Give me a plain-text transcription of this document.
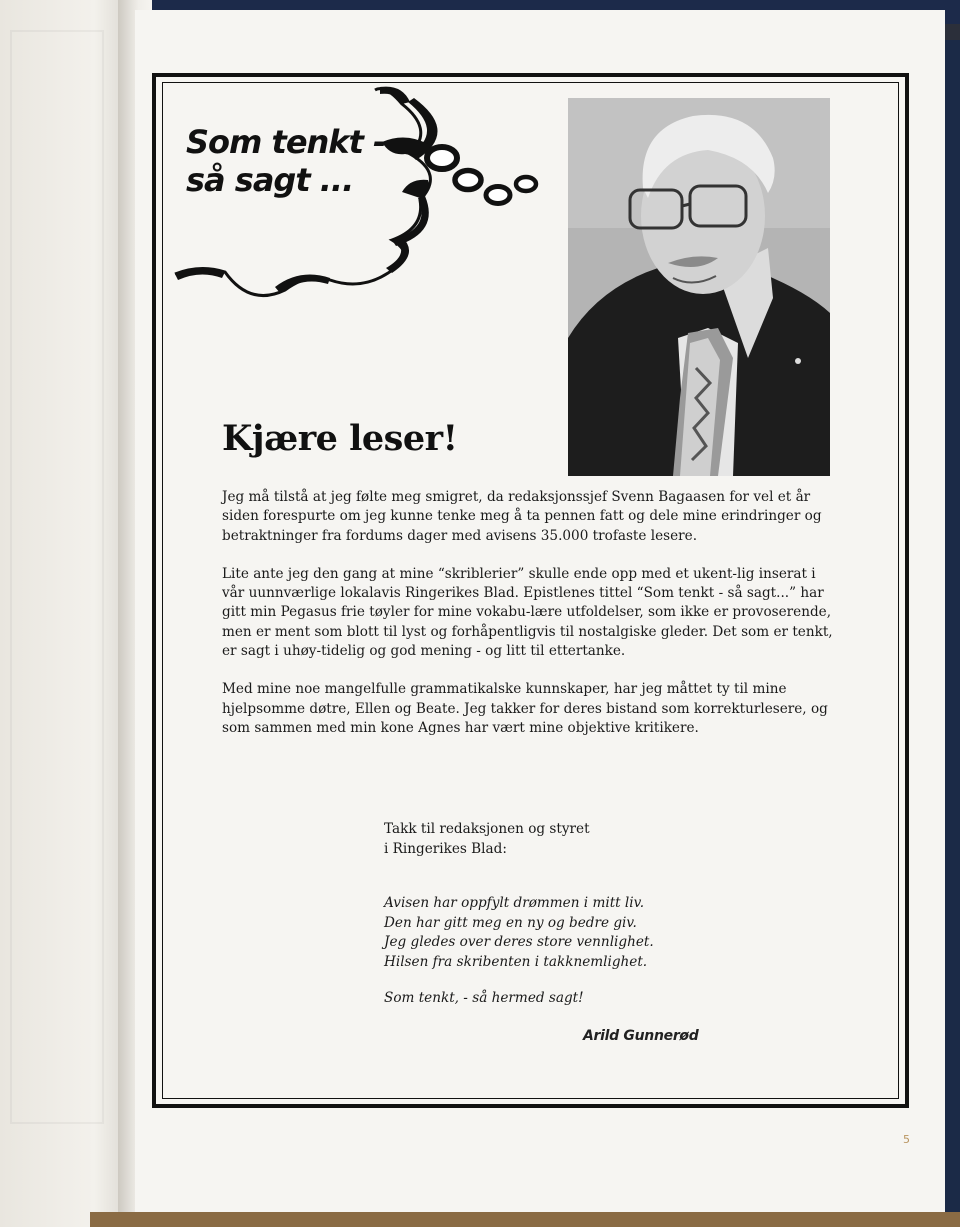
Som tenkt -
så sagt ...
Kjære leser!

Jeg må tilstå at jeg følte meg smigret, da redaksjonssjef Svenn Bagaasen for vel et år siden forespurte om jeg kunne tenke meg å ta pennen fatt og dele mine erindringer og betraktninger fra fordums dager med avisens 35.000 trofaste lesere.

Lite ante jeg den gang at mine “skriblerier” skulle ende opp med et ukent-lig inserat i vår uunnværlige lokalavis Ringerikes Blad. Epistlenes tittel “Som tenkt - så sagt...” har gitt min Pegasus frie tøyler for mine vokabu-lære utfoldelser, som ikke er provoserende, men er ment som blott til lyst og forhåpentligvis til nostalgiske gleder. Det som er tenkt, er sagt i uhøy-tidelig og god mening - og litt til ettertanke.

Med mine noe mangelfulle grammatikalske kunnskaper, har jeg måttet ty til mine hjelpsomme døtre, Ellen og Beate. Jeg takker for deres bistand som korrekturlesere, og som sammen med min kone Agnes har vært mine objektive kritikere.

Takk til redaksjonen og styret
i Ringerikes Blad:
Avisen har oppfylt drømmen i mitt liv.
Den har gitt meg en ny og bedre giv.
Jeg gledes over deres store vennlighet.
Hilsen fra skribenten i takknemlighet.
Som tenkt, - så hermed sagt!
Arild Gunnerød
5
